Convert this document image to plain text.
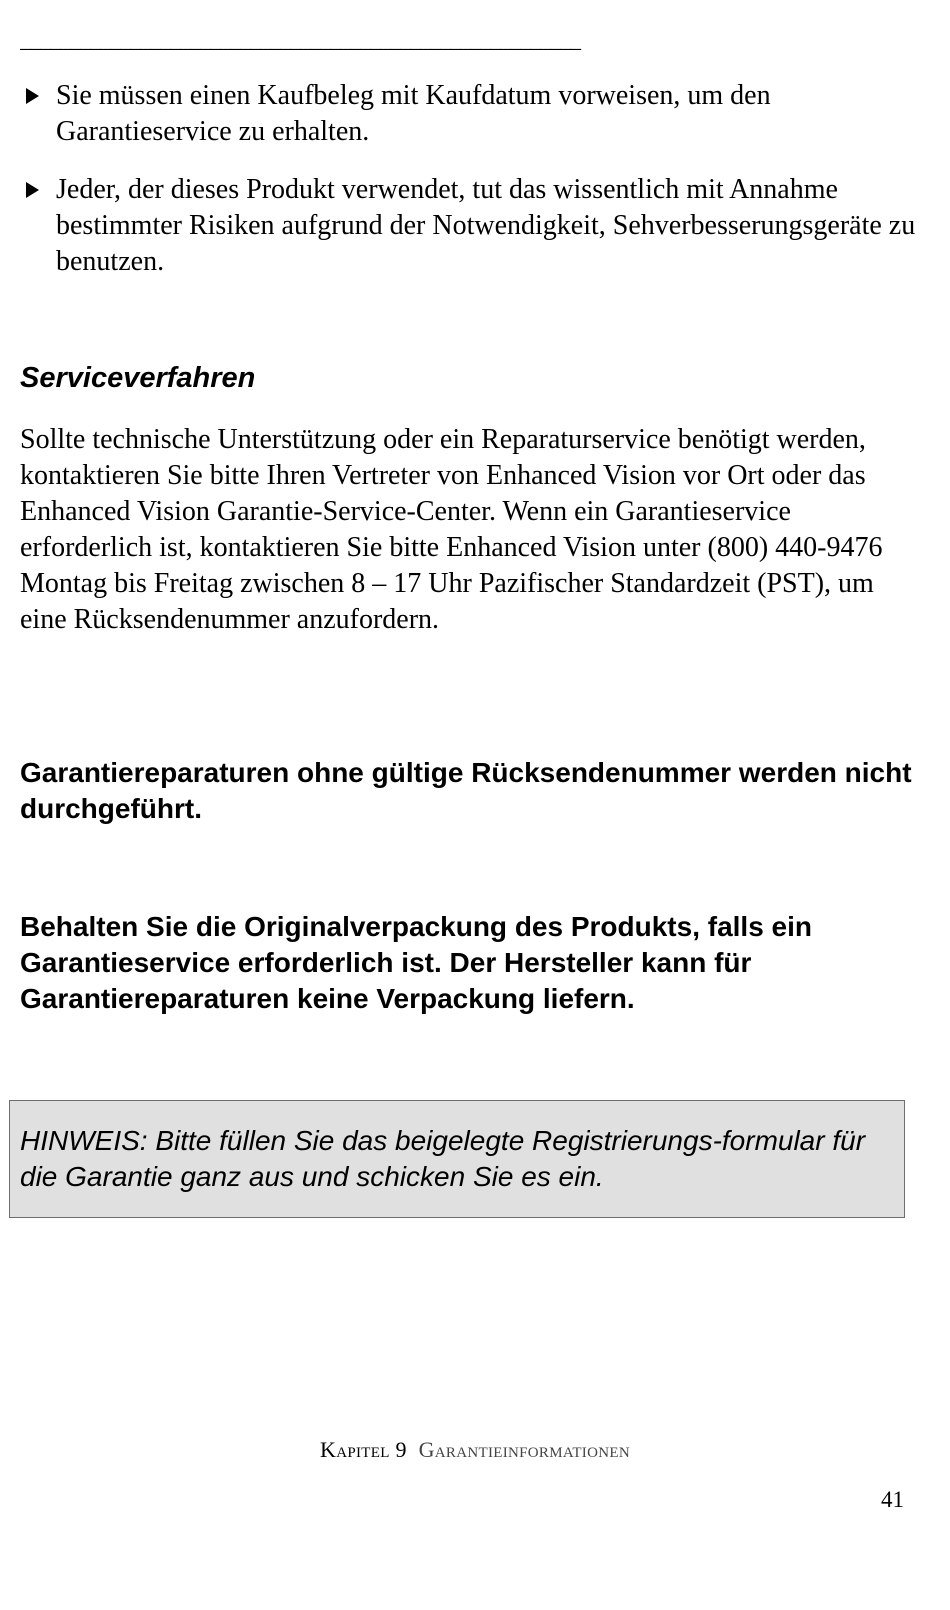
________________________________________________________
Sie müssen einen Kaufbeleg mit Kaufdatum vorweisen, um den Garantieservice zu erhalten.
Jeder, der dieses Produkt verwendet, tut das wissentlich mit Annahme bestimmter Risiken aufgrund der Notwendigkeit, Sehverbesserungsgeräte zu benutzen.
Serviceverfahren

Sollte technische Unterstützung oder ein Reparaturservice benötigt werden, kontaktieren Sie bitte Ihren Vertreter von Enhanced Vision vor Ort oder das Enhanced Vision Garantie-Service-Center. Wenn ein Garantieservice erforderlich ist, kontaktieren Sie bitte Enhanced Vision unter (800) 440-9476 Montag bis Freitag zwischen 8 – 17 Uhr Pazifischer Standardzeit (PST), um eine Rücksendenummer anzufordern.

Garantiereparaturen ohne gültige Rücksendenummer werden nicht durchgeführt.

Behalten Sie die Originalverpackung des Produkts, falls ein Garantieservice erforderlich ist. Der Hersteller kann für Garantiereparaturen keine Verpackung liefern.

HINWEIS: Bitte füllen Sie das beigelegte Registrierungs-formular für die Garantie ganz aus und schicken Sie es ein.

Kapitel 9 Garantieinformationen
41
